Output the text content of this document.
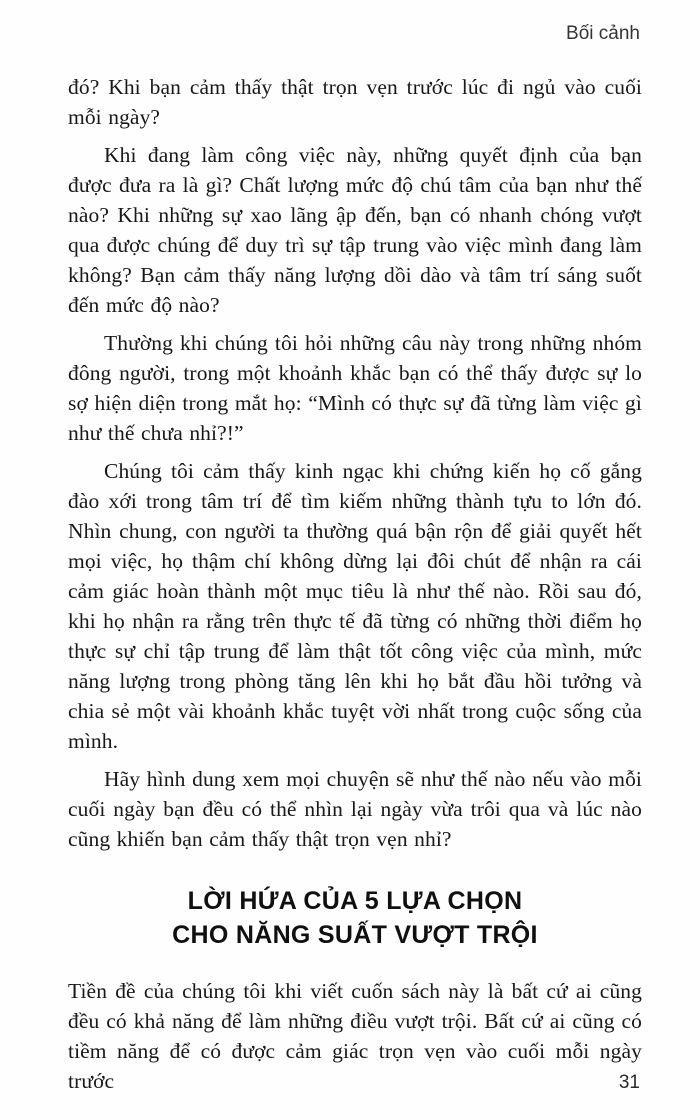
Bối cảnh

đó? Khi bạn cảm thấy thật trọn vẹn trước lúc đi ngủ vào cuối mỗi ngày?

Khi đang làm công việc này, những quyết định của bạn được đưa ra là gì? Chất lượng mức độ chú tâm của bạn như thế nào? Khi những sự xao lãng ập đến, bạn có nhanh chóng vượt qua được chúng để duy trì sự tập trung vào việc mình đang làm không? Bạn cảm thấy năng lượng dồi dào và tâm trí sáng suốt đến mức độ nào?

Thường khi chúng tôi hỏi những câu này trong những nhóm đông người, trong một khoảnh khắc bạn có thể thấy được sự lo sợ hiện diện trong mắt họ: “Mình có thực sự đã từng làm việc gì như thế chưa nhỉ?!”

Chúng tôi cảm thấy kinh ngạc khi chứng kiến họ cố gắng đào xới trong tâm trí để tìm kiếm những thành tựu to lớn đó. Nhìn chung, con người ta thường quá bận rộn để giải quyết hết mọi việc, họ thậm chí không dừng lại đôi chút để nhận ra cái cảm giác hoàn thành một mục tiêu là như thế nào. Rồi sau đó, khi họ nhận ra rằng trên thực tế đã từng có những thời điểm họ thực sự chỉ tập trung để làm thật tốt công việc của mình, mức năng lượng trong phòng tăng lên khi họ bắt đầu hồi tưởng và chia sẻ một vài khoảnh khắc tuyệt vời nhất trong cuộc sống của mình.

Hãy hình dung xem mọi chuyện sẽ như thế nào nếu vào mỗi cuối ngày bạn đều có thể nhìn lại ngày vừa trôi qua và lúc nào cũng khiến bạn cảm thấy thật trọn vẹn nhỉ?

LỜI HỨA CỦA 5 LỰA CHỌN
CHO NĂNG SUẤT VƯỢT TRỘI

Tiền đề của chúng tôi khi viết cuốn sách này là bất cứ ai cũng đều có khả năng để làm những điều vượt trội. Bất cứ ai cũng có tiềm năng để có được cảm giác trọn vẹn vào cuối mỗi ngày trước	31
